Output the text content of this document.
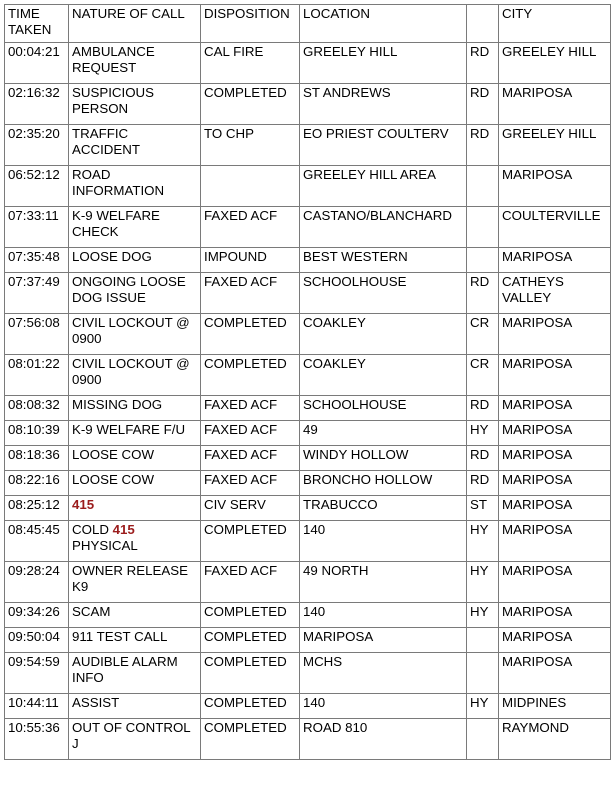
TIME TAKEN	NATURE OF CALL	DISPOSITION	LOCATION		CITY
00:04:21	AMBULANCE REQUEST	CAL FIRE	GREELEY HILL	RD	GREELEY HILL
02:16:32	SUSPICIOUS PERSON	COMPLETED	ST ANDREWS	RD	MARIPOSA
02:35:20	TRAFFIC ACCIDENT	TO CHP	EO PRIEST COULTERV	RD	GREELEY HILL
06:52:12	ROAD INFORMATION		GREELEY HILL AREA		MARIPOSA
07:33:11	K-9 WELFARE CHECK	FAXED ACF	CASTANO/BLANCHARD		COULTERVILLE
07:35:48	LOOSE DOG	IMPOUND	BEST WESTERN		MARIPOSA
07:37:49	ONGOING LOOSE DOG ISSUE	FAXED ACF	SCHOOLHOUSE	RD	CATHEYS VALLEY
07:56:08	CIVIL LOCKOUT @ 0900	COMPLETED	COAKLEY	CR	MARIPOSA
08:01:22	CIVIL LOCKOUT @ 0900	COMPLETED	COAKLEY	CR	MARIPOSA
08:08:32	MISSING DOG	FAXED ACF	SCHOOLHOUSE	RD	MARIPOSA
08:10:39	K-9 WELFARE F/U	FAXED ACF	49	HY	MARIPOSA
08:18:36	LOOSE COW	FAXED ACF	WINDY HOLLOW	RD	MARIPOSA
08:22:16	LOOSE COW	FAXED ACF	BRONCHO HOLLOW	RD	MARIPOSA
08:25:12	415	CIV SERV	TRABUCCO	ST	MARIPOSA
08:45:45	COLD 415 PHYSICAL	COMPLETED	140	HY	MARIPOSA
09:28:24	OWNER RELEASE K9	FAXED ACF	49 NORTH	HY	MARIPOSA
09:34:26	SCAM	COMPLETED	140	HY	MARIPOSA
09:50:04	911 TEST CALL	COMPLETED	MARIPOSA		MARIPOSA
09:54:59	AUDIBLE ALARM INFO	COMPLETED	MCHS		MARIPOSA
10:44:11	ASSIST	COMPLETED	140	HY	MIDPINES
10:55:36	OUT OF CONTROL J	COMPLETED	ROAD 810		RAYMOND
